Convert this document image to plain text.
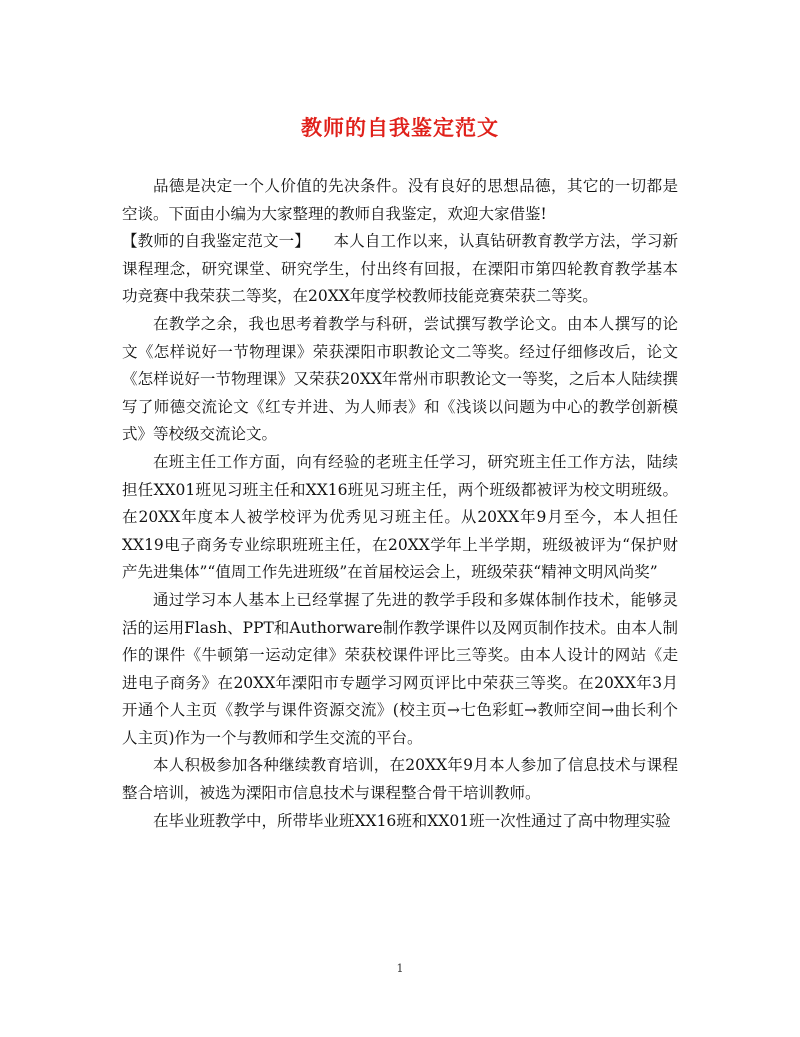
教师的自我鉴定范文

品德是决定一个人价值的先决条件。没有良好的思想品德，其它的一切都是空谈。下面由小编为大家整理的教师自我鉴定，欢迎大家借鉴!

【教师的自我鉴定范文一】　　本人自工作以来，认真钻研教育教学方法，学习新课程理念，研究课堂、研究学生，付出终有回报，在溧阳市第四轮教育教学基本功竞赛中我荣获二等奖，在20XX年度学校教师技能竞赛荣获二等奖。

在教学之余，我也思考着教学与科研，尝试撰写教学论文。由本人撰写的论文《怎样说好一节物理课》荣获溧阳市职教论文二等奖。经过仔细修改后，论文《怎样说好一节物理课》又荣获20XX年常州市职教论文一等奖，之后本人陆续撰写了师德交流论文《红专并进、为人师表》和《浅谈以问题为中心的教学创新模式》等校级交流论文。

在班主任工作方面，向有经验的老班主任学习，研究班主任工作方法，陆续担任XX01班见习班主任和XX16班见习班主任，两个班级都被评为校文明班级。在20XX年度本人被学校评为优秀见习班主任。从20XX年9月至今，本人担任XX19电子商务专业综职班班主任，在20XX学年上半学期，班级被评为“保护财产先进集体”“值周工作先进班级”在首届校运会上，班级荣获“精神文明风尚奖”

通过学习本人基本上已经掌握了先进的教学手段和多媒体制作技术，能够灵活的运用Flash、PPT和Authorware制作教学课件以及网页制作技术。由本人制作的课件《牛顿第一运动定律》荣获校课件评比三等奖。由本人设计的网站《走进电子商务》在20XX年溧阳市专题学习网页评比中荣获三等奖。在20XX年3月开通个人主页《教学与课件资源交流》(校主页→七色彩虹→教师空间→曲长利个人主页)作为一个与教师和学生交流的平台。

本人积极参加各种继续教育培训，在20XX年9月本人参加了信息技术与课程整合培训，被选为溧阳市信息技术与课程整合骨干培训教师。

在毕业班教学中，所带毕业班XX16班和XX01班一次性通过了高中物理实验

1
